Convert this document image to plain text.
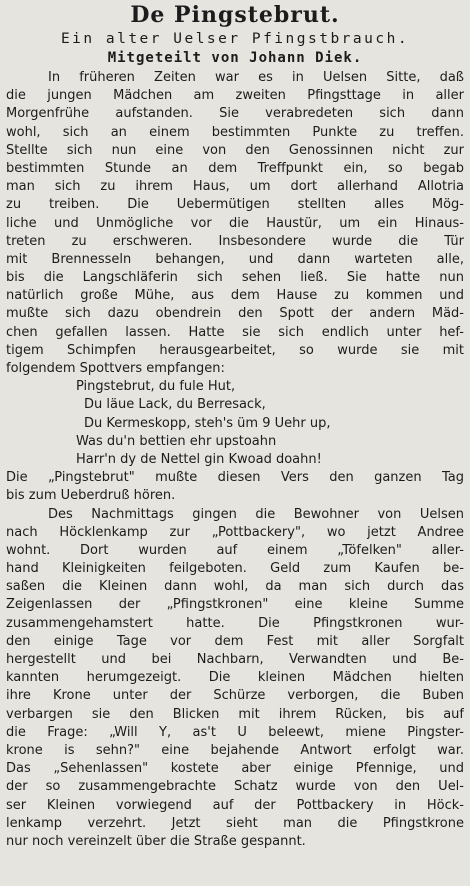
De Pingstebrut.
Ein alter Uelser Pfingstbrauch.
Mitgeteilt von Johann Diek.
In früheren Zeiten war es in Uelsen Sitte, daß
die jungen Mädchen am zweiten Pfingsttage in aller
Morgenfrühe aufstanden. Sie verabredeten sich dann
wohl, sich an einem bestimmten Punkte zu treffen.
Stellte sich nun eine von den Genossinnen nicht zur
bestimmten Stunde an dem Treffpunkt ein, so begab
man sich zu ihrem Haus, um dort allerhand Allotria
zu treiben. Die Uebermütigen stellten alles Mög-
liche und Unmögliche vor die Haustür, um ein Hinaus-
treten zu erschweren. Insbesondere wurde die Tür
mit Brennesseln behangen, und dann warteten alle,
bis die Langschläferin sich sehen ließ. Sie hatte nun
natürlich große Mühe, aus dem Hause zu kommen und
mußte sich dazu obendrein den Spott der andern Mäd-
chen gefallen lassen. Hatte sie sich endlich unter hef-
tigem Schimpfen herausgearbeitet, so wurde sie mit
folgendem Spottvers empfangen:
Pingstebrut, du fule Hut,
Du läue Lack, du Berresack,
Du Kermeskopp, steh's üm 9 Uehr up,
Was du'n bettien ehr upstoahn
Harr'n dy de Nettel gin Kwoad doahn!
Die „Pingstebrut" mußte diesen Vers den ganzen Tag
bis zum Ueberdruß hören.
Des Nachmittags gingen die Bewohner von Uelsen
nach Höcklenkamp zur „Pottbackery", wo jetzt Andree
wohnt. Dort wurden auf einem „Töfelken" aller-
hand Kleinigkeiten feilgeboten. Geld zum Kaufen be-
saßen die Kleinen dann wohl, da man sich durch das
Zeigenlassen der „Pfingstkronen" eine kleine Summe
zusammengehamstert hatte. Die Pfingstkronen wur-
den einige Tage vor dem Fest mit aller Sorgfalt
hergestellt und bei Nachbarn, Verwandten und Be-
kannten herumgezeigt. Die kleinen Mädchen hielten
ihre Krone unter der Schürze verborgen, die Buben
verbargen sie den Blicken mit ihrem Rücken, bis auf
die Frage: „Will Y, as't U beleewt, miene Pingster-
krone is sehn?" eine bejahende Antwort erfolgt war.
Das „Sehenlassen" kostete aber einige Pfennige, und
der so zusammengebrachte Schatz wurde von den Uel-
ser Kleinen vorwiegend auf der Pottbackery in Höck-
lenkamp verzehrt. Jetzt sieht man die Pfingstkrone
nur noch vereinzelt über die Straße gespannt.
